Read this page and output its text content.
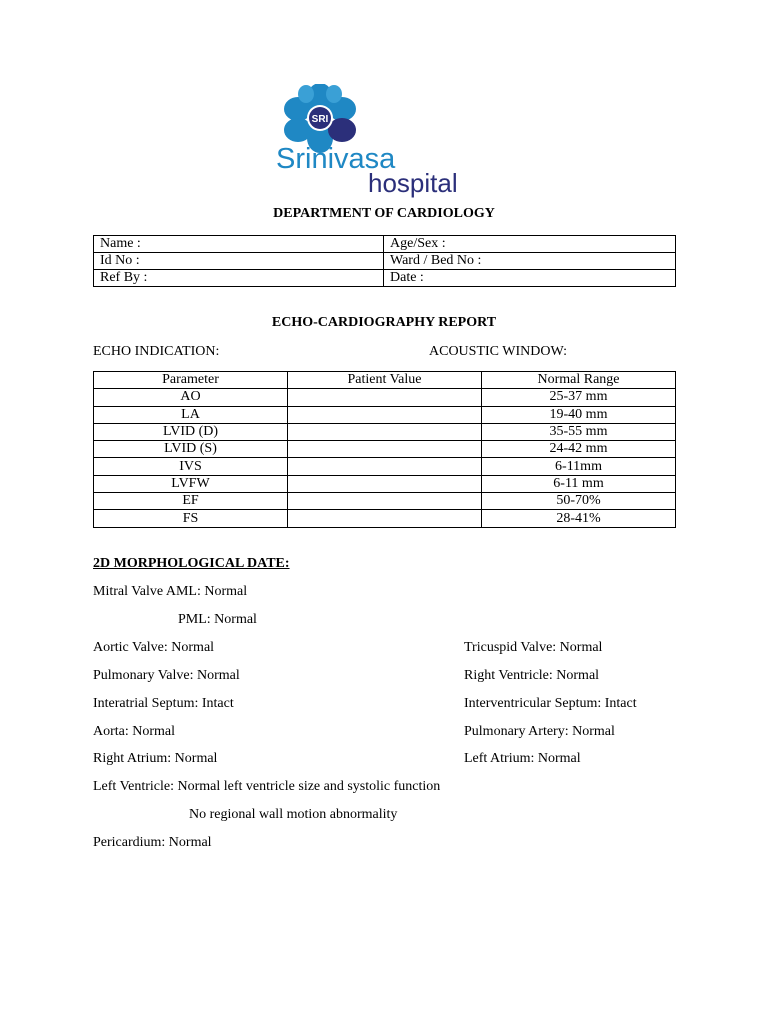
SRI
Srinivasa
hospital
DEPARTMENT OF CARDIOLOGY
Name :	Age/Sex :
Id No :	Ward / Bed No :
Ref By :	Date :
ECHO-CARDIOGRAPHY REPORT
ECHO INDICATION:	ACOUSTIC WINDOW:
Parameter	Patient Value	Normal Range
AO		25-37 mm
LA		19-40 mm
LVID (D)		35-55 mm
LVID (S)		24-42 mm
IVS		6-11mm
LVFW		6-11 mm
EF		50-70%
FS		28-41%
2D MORPHOLOGICAL DATE:
Mitral Valve AML: Normal
PML: Normal
Aortic Valve: Normal	Tricuspid Valve: Normal
Pulmonary Valve: Normal	Right Ventricle: Normal
Interatrial Septum: Intact	Interventricular Septum: Intact
Aorta: Normal	Pulmonary Artery: Normal
Right Atrium: Normal	Left Atrium: Normal
Left Ventricle: Normal left ventricle size and systolic function
No regional wall motion abnormality
Pericardium: Normal
